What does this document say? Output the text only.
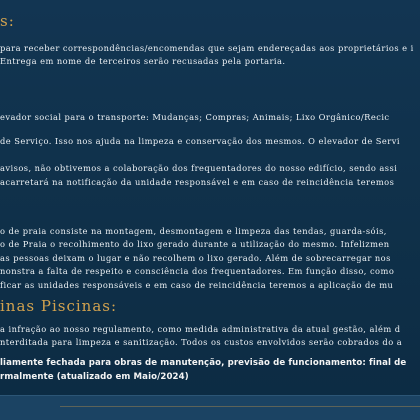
s:
para receber correspondências/encomendas que sejam endereçadas aos proprietários e i
Entrega em nome de terceiros serão recusadas pela portaria.
evador social para o transporte: Mudanças; Compras; Animais; Lixo Orgânico/Recic
de Serviço. Isso nos ajuda na limpeza e conservação dos mesmos. O elevador de Servi
avisos, não obtivemos a colaboração dos frequentadores do nosso edifício, sendo assi
acarretará na notificação da unidade responsável e em caso de reincidência teremos
o de praia consiste na montagem, desmontagem e limpeza das tendas, guarda-sóis,
o de Praia o recolhimento do lixo gerado durante a utilização do mesmo. Infelizmen
as pessoas deixam o lugar e não recolhem o lixo gerado. Além de sobrecarregar nos
nonstra a falta de respeito e consciência dos frequentadores. Em função disso, como
ficar as unidades responsáveis e em caso de reincidência teremos a aplicação de mu
inas Piscinas:
a infração ao nosso regulamento, como medida administrativa da atual gestão, além d
nterditada para limpeza e sanitização. Todos os custos envolvidos serão cobrados do a
liamente fechada para obras de manutenção, previsão de funcionamento: final de
rmalmente (atualizado em Maio/2024)
